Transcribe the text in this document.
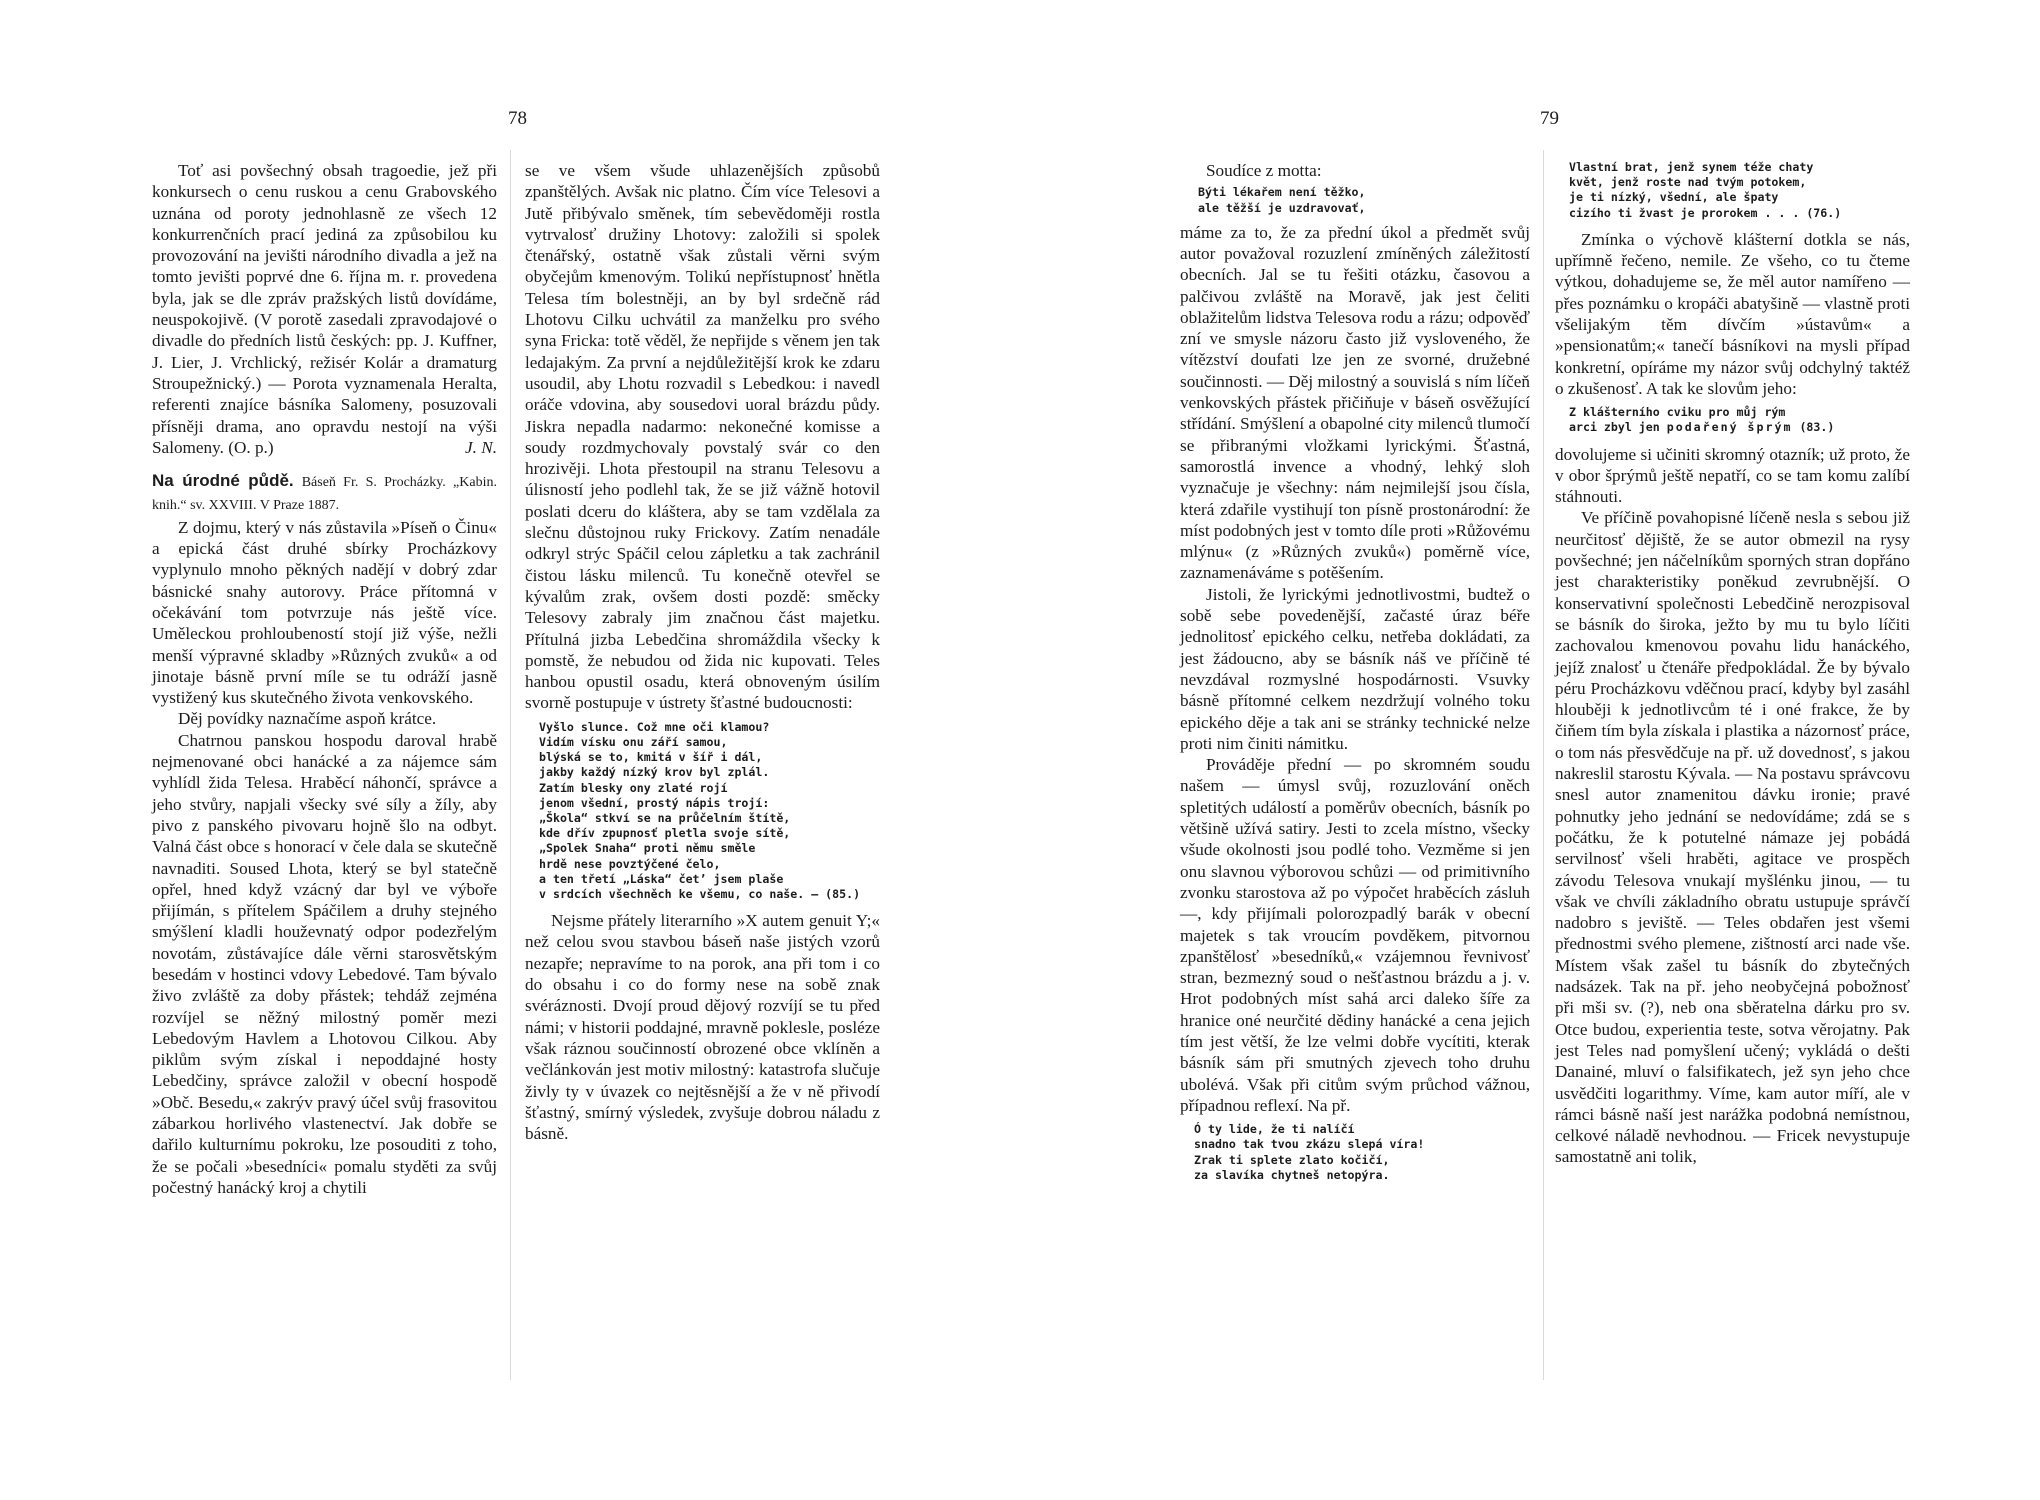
78

Toť asi povšechný obsah tragoedie, jež při konkursech o cenu ruskou a cenu Grabovského uznána od poroty jednohlasně ze všech 12 konkurrenčních prací jediná za způsobilou ku provozování na jevišti národního divadla a jež na tomto jevišti poprvé dne 6. října m. r. provedena byla, jak se dle zpráv pražských listů dovídáme, neuspokojivě. (V porotě zasedali zpravodajové o divadle do předních listů českých: pp. J. Kuffner, J. Lier, J. Vrchlický, režisér Kolár a dramaturg Stroupežnický.) — Porota vyznamenala Heralta, referenti znajíce básníka Salomeny, posuzovali přísněji drama, ano opravdu nestojí na výši Salomeny. (O. p.)	J. N.

Na úrodné půdě. Báseň Fr. S. Procházky. „Kabin. knih.“ sv. XXVIII. V Praze 1887.

Z dojmu, který v nás zůstavila »Píseň o Činu« a epická část druhé sbírky Procházkovy vyplynulo mnoho pěkných nadějí v dobrý zdar básnické snahy autorovy. Práce přítomná v očekávání tom potvrzuje nás ještě více. Uměleckou prohloubeností stojí již výše, nežli menší výpravné skladby »Různých zvuků« a od jinotaje básně první míle se tu odráží jasně vystižený kus skutečného života venkovského.

Děj povídky naznačíme aspoň krátce.

Chatrnou panskou hospodu daroval hrabě nejmenované obci hanácké a za nájemce sám vyhlídl žida Telesa. Hraběcí náhončí, správce a jeho stvůry, napjali všecky své síly a žíly, aby pivo z panského pivovaru hojně šlo na odbyt. Valná část obce s honorací v čele dala se skutečně navnaditi. Soused Lhota, který se byl statečně opřel, hned když vzácný dar byl ve výboře přijímán, s přítelem Spáčilem a druhy stejného smýšlení kladli houževnatý odpor podezřelým novotám, zůstávajíce dále věrni starosvětským besedám v hostinci vdovy Lebedové. Tam bývalo živo zvláště za doby přástek; tehdáž zejména rozvíjel se něžný milostný poměr mezi Lebedovým Havlem a Lhotovou Cilkou. Aby piklům svým získal i nepoddajné hosty Lebedčiny, správce založil v obecní hospodě »Obč. Besedu,« zakrýv pravý účel svůj frasovitou zábarkou horlivého vlastenectví. Jak dobře se dařilo kulturnímu pokroku, lze posouditi z toho, že se počali »besedníci« pomalu styděti za svůj počestný hanácký kroj a chytili

se ve všem všude uhlazenějších způsobů zpanštělých. Avšak nic platno. Čím více Telesovi a Jutě přibývalo směnek, tím sebevědoměji rostla vytrvalosť družiny Lhotovy: založili si spolek čtenářský, ostatně však zůstali věrni svým obyčejům kmenovým. Tolikú nepřístupnosť hnětla Telesa tím bolestněji, an by byl srdečně rád Lhotovu Cilku uchvátil za manželku pro svého syna Fricka: totě věděl, že nepřijde s věnem jen tak ledajakým. Za první a nejdůležitější krok ke zdaru usoudil, aby Lhotu rozvadil s Lebedkou: i navedl oráče vdovina, aby sousedovi uoral brázdu půdy. Jiskra nepadla nadarmo: nekonečné komisse a soudy rozdmychovaly povstalý svár co den hrozivěji. Lhota přestoupil na stranu Telesovu a úlisností jeho podlehl tak, že se již vážně hotovil poslati dceru do kláštera, aby se tam vzdělala za slečnu důstojnou ruky Frickovy. Zatím nenadále odkryl strýc Spáčil celou zápletku a tak zachránil čistou lásku milenců. Tu konečně otevřel se kývalům zrak, ovšem dosti pozdě: směcky Telesovy zabraly jim značnou část majetku. Přítulná jizba Lebedčina shromáždila všecky k pomstě, že nebudou od žida nic kupovati. Teles hanbou opustil osadu, která obnoveným úsilím svorně postupuje v ústrety šťastné budoucnosti:

Vyšlo slunce. Což mne oči klamou?

Vidím vísku onu září samou,

blýská se to, kmitá v šíř i dál,

jakby každý nízký krov byl zplál.

Zatím blesky ony zlaté rojí

jenom všední, prostý nápis trojí:

„Škola“ stkví se na průčelním štítě,

kde dřív zpupnosť pletla svoje sítě,

„Spolek Snaha“ proti němu směle

hrdě nese povztýčené čelo,

a ten třetí „Láska“ čet’ jsem plaše

v srdcích všechněch ke všemu, co naše. — (85.)

Nejsme přátely literarního »X autem genuit Y;« než celou svou stavbou báseň naše jistých vzorů nezapře; nepravíme to na porok, ana při tom i co do obsahu i co do formy nese na sobě znak svéráznosti. Dvojí proud dějový rozvíjí se tu před námi; v historii poddajné, mravně poklesle, posléze však ráznou součinností obrozené obce vklíněn a večlánkován jest motiv milostný: katastrofa slučuje živly ty v úvazek co nejtěsnější a že v ně přivodí šťastný, smírný výsledek, zvyšuje dobrou náladu z básně.

79

Soudíce z motta:

Býti lékařem není těžko,

ale těžší je uzdravovať,

máme za to, že za přední úkol a předmět svůj autor považoval rozuzlení zmíněných záležitostí obecních. Jal se tu řešiti otázku, časovou a palčivou zvláště na Moravě, jak jest čeliti oblažitelům lidstva Telesova rodu a rázu; odpověď zní ve smysle názoru často již vysloveného, že vítězství doufati lze jen ze svorné, družebné součinnosti. — Děj milostný a souvislá s ním líčeň venkovských přástek přičiňuje v báseň osvěžující střídání. Smýšlení a obapolné city milenců tlumočí se přibranými vložkami lyrickými. Šťastná, samorostlá invence a vhodný, lehký sloh vyznačuje je všechny: nám nejmilejší jsou čísla, která zdařile vystihují ton písně prostonárodní: že míst podobných jest v tomto díle proti »Růžovému mlýnu« (z »Různých zvuků«) poměrně více, zaznamenáváme s potěšením.

Jistoli, že lyrickými jednotlivostmi, budtež o sobě sebe povedenější, začasté úraz béře jednolitosť epického celku, netřeba dokládati, za jest žádoucno, aby se básník náš ve příčině té nevzdával rozmyslné hospodárnosti. Vsuvky básně přítomné celkem nezdržují volného toku epického děje a tak ani se stránky technické nelze proti nim činiti námitku.

Prováděje přední — po skromném soudu našem — úmysl svůj, rozuzlování oněch spletitých událostí a poměrův obecních, básník po většině užívá satiry. Jesti to zcela místno, všecky všude okolnosti jsou podlé toho. Vezměme si jen onu slavnou výborovou schůzi — od primitivního zvonku starostova až po výpočet hraběcích zásluh —, kdy přijímali polorozpadlý barák v obecní majetek s tak vroucím povděkem, pitvornou zpanštělosť »besedníků,« vzájemnou řevnivosť stran, bezmezný soud o nešťastnou brázdu a j. v. Hrot podobných míst sahá arci daleko šíře za hranice oné neurčité dědiny hanácké a cena jejich tím jest větší, že lze velmi dobře vycítiti, kterak básník sám při smutných zjevech toho druhu ubolévá. Však při citům svým průchod vážnou, případnou reflexí. Na př.

Ó ty lide, že ti nalíčí

snadno tak tvou zkázu slepá víra!

Zrak ti splete zlato kočičí,

za slavíka chytneš netopýra.

Vlastní brat, jenž synem téže chaty

květ, jenž roste nad tvým potokem,

je ti nízký, všední, ale špaty

cizího ti žvast je prorokem . . . (76.)

Zmínka o výchově klášterní dotkla se nás, upřímně řečeno, nemile. Ze všeho, co tu čteme výtkou, dohadujeme se, že měl autor namířeno — přes poznámku o kropáči abatyšině — vlastně proti všelijakým těm dívčím »ústavům« a »pensionatům;« tanečí básníkovi na mysli případ konkretní, opíráme my názor svůj odchylný taktéž o zkušenosť. A tak ke slovům jeho:

Z klášterního cviku pro můj rým

arci zbyl jen podařený šprým (83.)

dovolujeme si učiniti skromný otazník; už proto, že v obor šprýmů ještě nepatří, co se tam komu zalíbí stáhnouti.

Ve příčině povahopisné líčeně nesla s sebou již neurčitosť dějiště, že se autor obmezil na rysy povšechné; jen náčelníkům sporných stran dopřáno jest charakteristiky poněkud zevrubnější. O konservativní společnosti Lebedčině nerozpisoval se básník do široka, ježto by mu tu bylo líčiti zachovalou kmenovou povahu lidu hanáckého, jejíž znalosť u čtenáře předpokládal. Že by bývalo péru Procházkovu vděčnou prací, kdyby byl zasáhl hlouběji k jednotlivcům té i oné frakce, že by čiňem tím byla získala i plastika a názornosť práce, o tom nás přesvědčuje na př. už dovednosť, s jakou nakreslil starostu Kývala. — Na postavu správcovu snesl autor znamenitou dávku ironie; pravé pohnutky jeho jednání se nedovídáme; zdá se s počátku, že k potutelné námaze jej pobádá servilnosť všeli hraběti, agitace ve prospěch závodu Telesova vnukají myšlénku jinou, — tu však ve chvíli základního obratu ustupuje správčí nadobro s jeviště. — Teles obdařen jest všemi přednostmi svého plemene, zištností arci nade vše. Místem však zašel tu básník do zbytečných nadsázek. Tak na př. jeho neobyčejná pobožnosť při mši sv. (?), neb ona sběratelna dárku pro sv. Otce budou, experientia teste, sotva věrojatny. Pak jest Teles nad pomyšlení učený; vykládá o dešti Danainé, mluví o falsifikatech, jež syn jeho chce usvědčiti logarithmy. Víme, kam autor míří, ale v rámci básně naší jest narážka podobná nemístnou, celkové náladě nevhodnou. — Fricek nevystupuje samostatně ani tolik,
